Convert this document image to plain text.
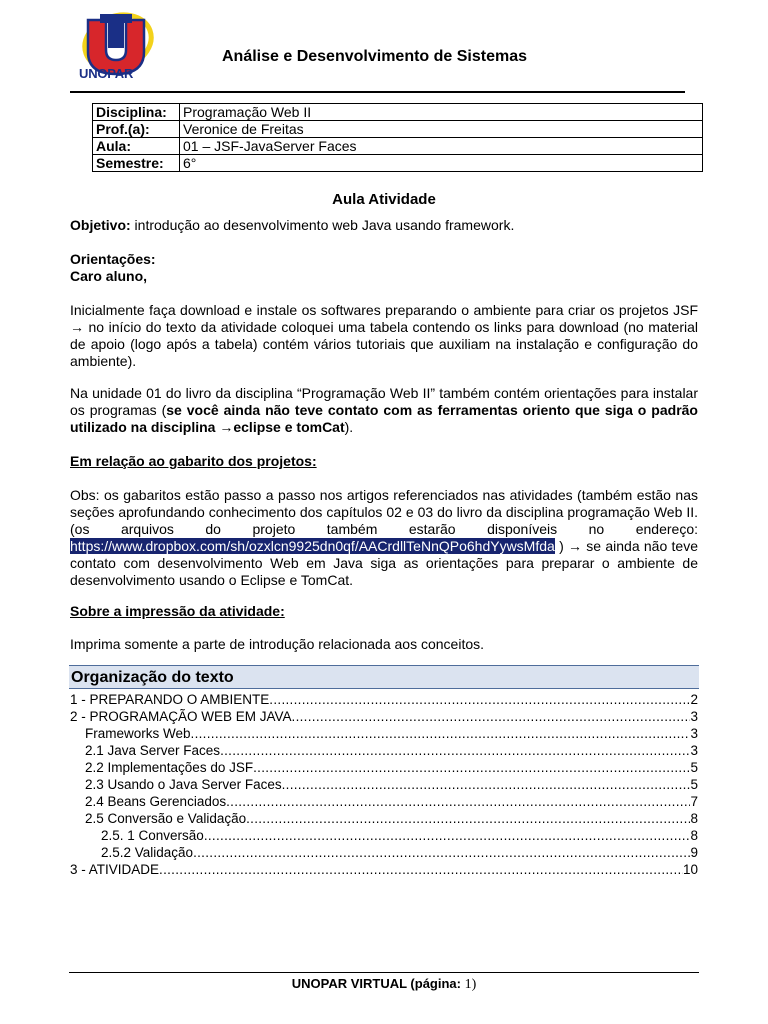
UNOPAR
Análise e Desenvolvimento de Sistemas
Disciplina:	Programação Web II
Prof.(a):	Veronice de Freitas
Aula:	01 – JSF-JavaServer Faces
Semestre:	6°
Aula Atividade
Objetivo: introdução ao desenvolvimento web Java usando framework.
Orientações:
Caro aluno,
Inicialmente faça download e instale os softwares preparando o ambiente para criar os projetos JSF → no início do texto da atividade coloquei uma tabela contendo os links para download (no material de apoio (logo após a tabela) contém vários tutoriais que auxiliam na instalação e configuração do ambiente).
Na unidade 01 do livro da disciplina “Programação Web II” também contém orientações para instalar os programas (se você ainda não teve contato com as ferramentas oriento que siga o padrão utilizado na disciplina →eclipse e tomCat).
Em relação ao gabarito dos projetos:
Obs: os gabaritos estão passo a passo nos artigos referenciados nas atividades (também estão nas seções aprofundando conhecimento dos capítulos 02 e 03 do livro da disciplina programação Web II. (os arquivos do projeto também estarão disponíveis no endereço: https://www.dropbox.com/sh/ozxlcn9925dn0qf/AACrdllTeNnQPo6hdYywsMfda ) → se ainda não teve contato com desenvolvimento Web em Java siga as orientações para preparar o ambiente de desenvolvimento usando o Eclipse e TomCat.
Sobre a impressão da atividade:
Imprima somente a parte de introdução relacionada aos conceitos.
Organização do texto
1 - PREPARANDO O AMBIENTE .....	2
2 - PROGRAMAÇÃO WEB EM JAVA .....	3
Frameworks Web .....	3
2.1 Java Server Faces .....	3
2.2 Implementações do JSF .....	5
2.3 Usando o Java Server Faces .....	5
2.4 Beans Gerenciados .....	7
2.5 Conversão e Validação .....	8
2.5. 1 Conversão .....	8
2.5.2 Validação .....	9
3 - ATIVIDADE .....	10
UNOPAR VIRTUAL (página: 1)
